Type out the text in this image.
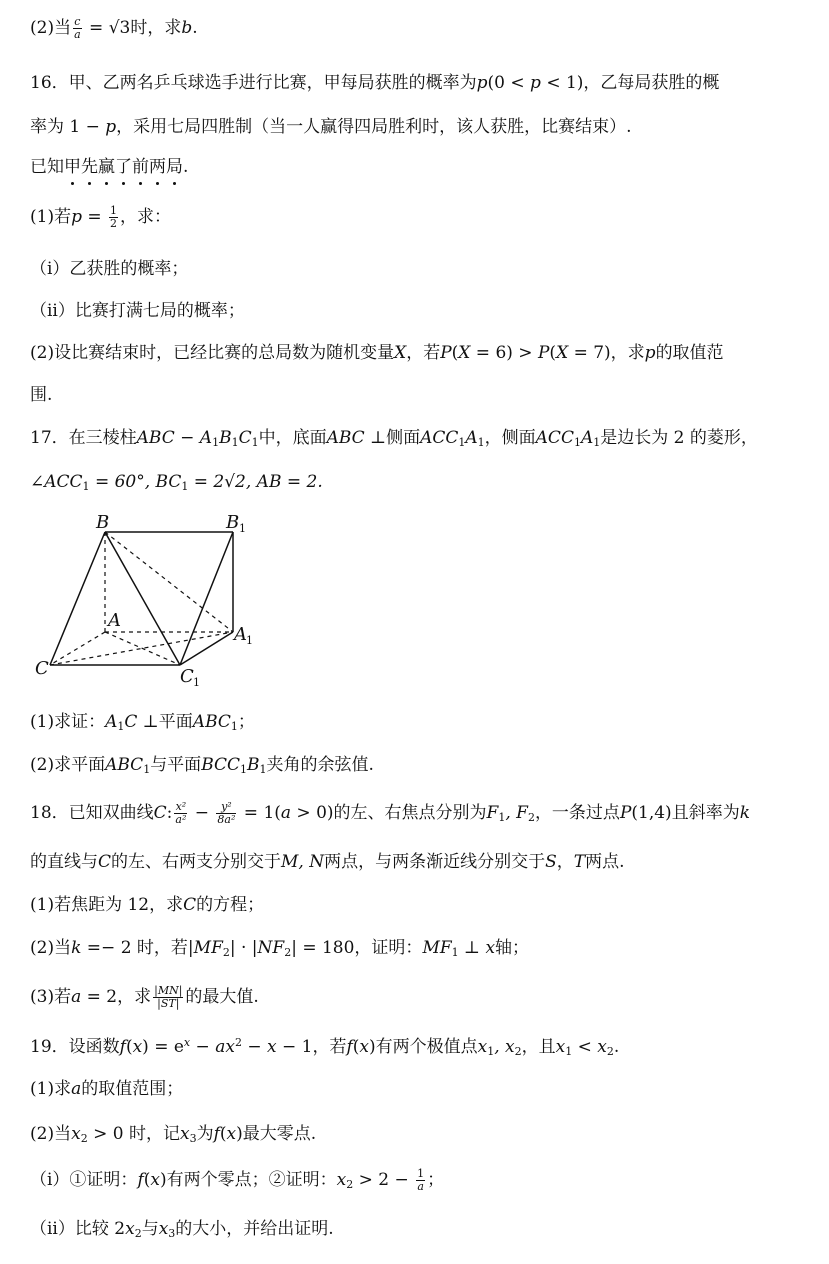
(2)当 $\frac{c}{a} = √3$时，求b.
16．甲、乙两名乒乓球选手进行比赛，甲每局获胜的概率为p(0 < p < 1)，乙每局获胜的概
率为 1 − p，采用七局四胜制（当一人赢得四局胜利时，该人获胜，比赛结束）.
已知甲先赢了前两局.
(1)若$p = \frac{1}{2}$ ，求：
（i）乙获胜的概率；
（ii）比赛打满七局的概率；
(2)设比赛结束时，已经比赛的总局数为随机变量X，若P(X = 6) > P(X = 7)，求p的取值范
围.
17．在三棱柱ABC − $A_1B_1C_1$中，底面ABC ⊥侧面$ACC_1A_1$，侧面$ACC_1A_1$是边长为 2 的菱形，
$\angle ACC_1 = 60^\circ$, $BC_1 = 2√2$, AB = 2.
B	B 1
A
A 1
C	C 1
(1)求证：$A_1C$ ⊥平面$ABC_1$；
(2)求平面$ABC_1$与平面$BCC_1B_1$夹角的余弦值.
18．已知双曲线C: $\frac{\text{x²}}{\text{a²}} - \frac{\text{y²}}{\text{8a²}} = 1(a > 0)$的左、右焦点分别为$F_1$, $F_2$，一条过点P(1,4)且斜率为k
的直线与C的左、右两支分别交于M, N两点，与两条渐近线分别交于S，T两点.
(1)若焦距为 12，求C的方程；
(2)当k =− 2 时，若$|MF_2| \cdot |NF_2| = 180$，证明：$MF_1$ ⊥ x轴；
(3)若a = 2，求 $\frac{|MN|}{|ST|}$ 的最大值.
19．设函数$f(x) = e^x - ax^2 - x - 1$，若f(x)有两个极值点$x_1$, $x_2$，且$x_1 < x_2$.
(1)求a的取值范围；
(2)当$x_2 > 0$ 时，记$x_3$为f(x)最大零点.
（i）①证明：f(x)有两个零点；②证明：$x_2 > 2 - \frac{1}{a}$ ；
（ii）比较 $2x_2$与$x_3$的大小，并给出证明.
